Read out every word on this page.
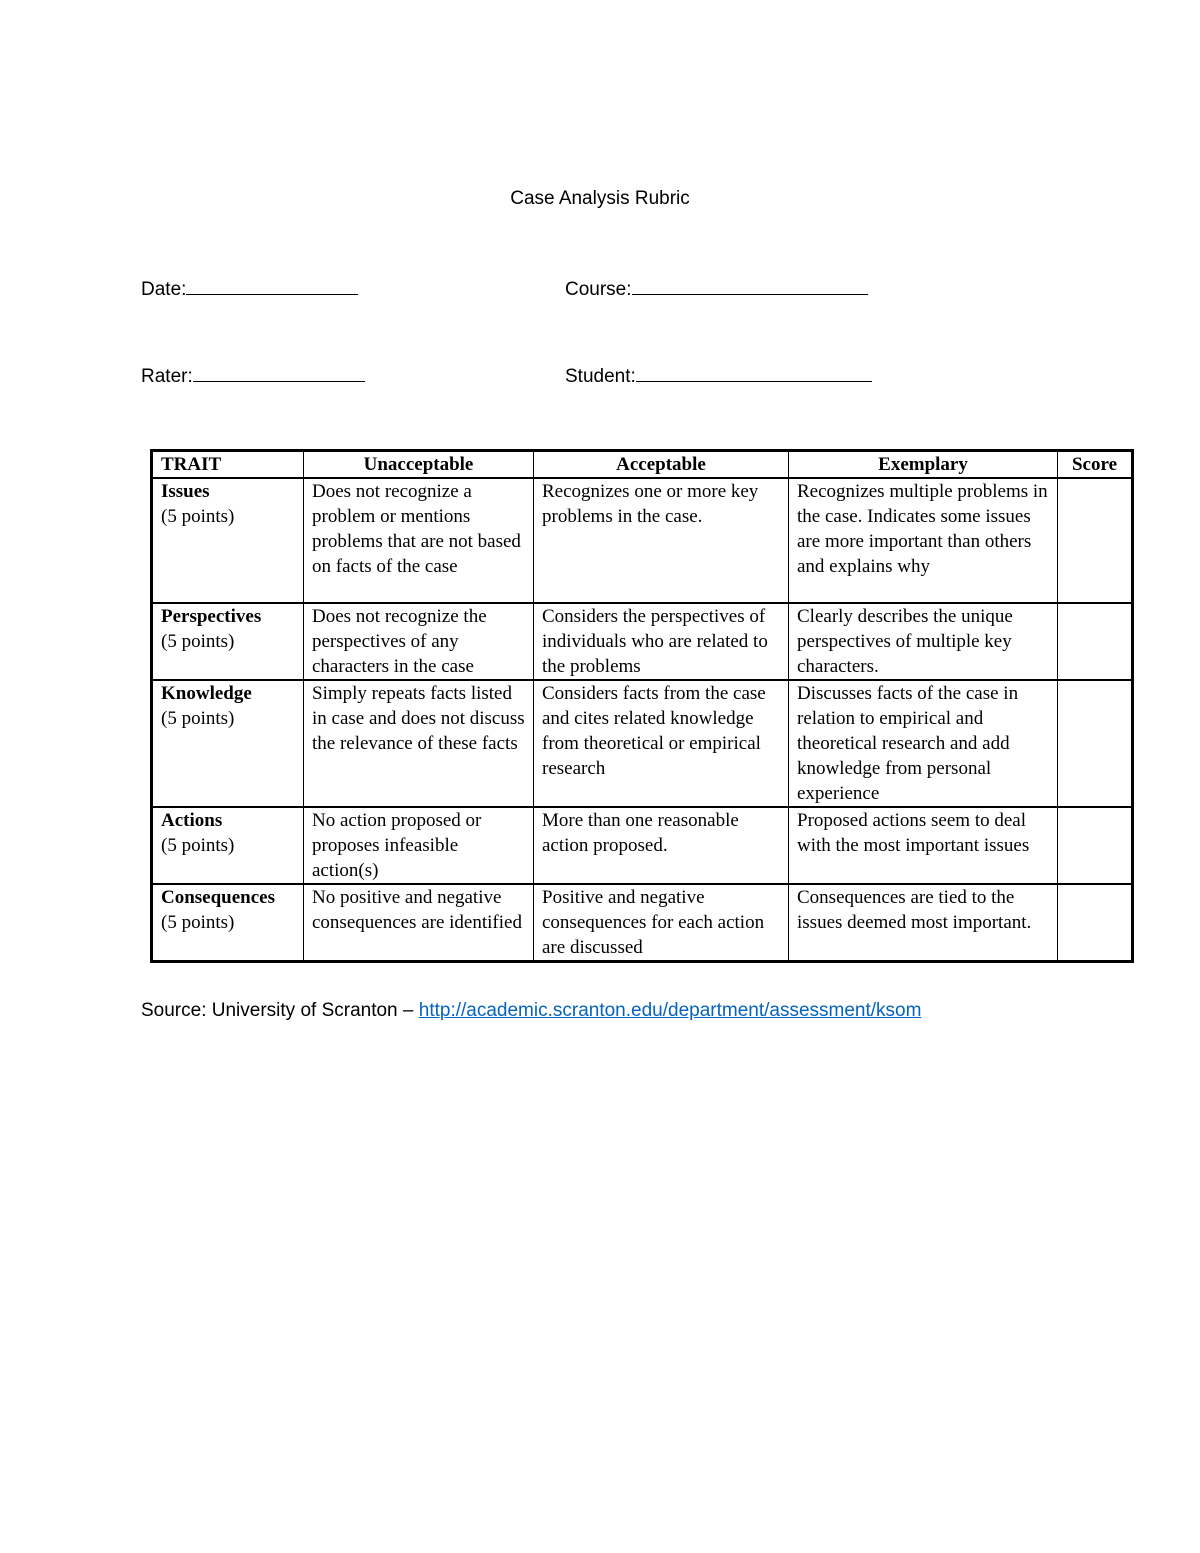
Case Analysis Rubric
Date:	Course:
Rater:	Student:
TRAIT	Unacceptable	Acceptable	Exemplary	Score

Issues
(5 points)	Does not recognize a problem or mentions problems that are not based on facts of the case	Recognizes one or more key problems in the case.	Recognizes multiple problems in the case. Indicates some issues are more important than others and explains why	

Perspectives
(5 points)	Does not recognize the perspectives of any characters in the case	Considers the perspectives of individuals who are related to the problems	Clearly describes the unique perspectives of multiple key characters.	

Knowledge
(5 points)	Simply repeats facts listed in case and does not discuss the relevance of these facts	Considers facts from the case and cites related knowledge from theoretical or empirical research	Discusses facts of the case in relation to empirical and theoretical research and add knowledge from personal experience	

Actions
(5 points)	No action proposed or proposes infeasible action(s)	More than one reasonable action proposed.	Proposed actions seem to deal with the most important issues	

Consequences
(5 points)	No positive and negative consequences are identified	Positive and negative consequences for each action are discussed	Consequences are tied to the issues deemed most important.	
Source: University of Scranton – http://academic.scranton.edu/department/assessment/ksom
